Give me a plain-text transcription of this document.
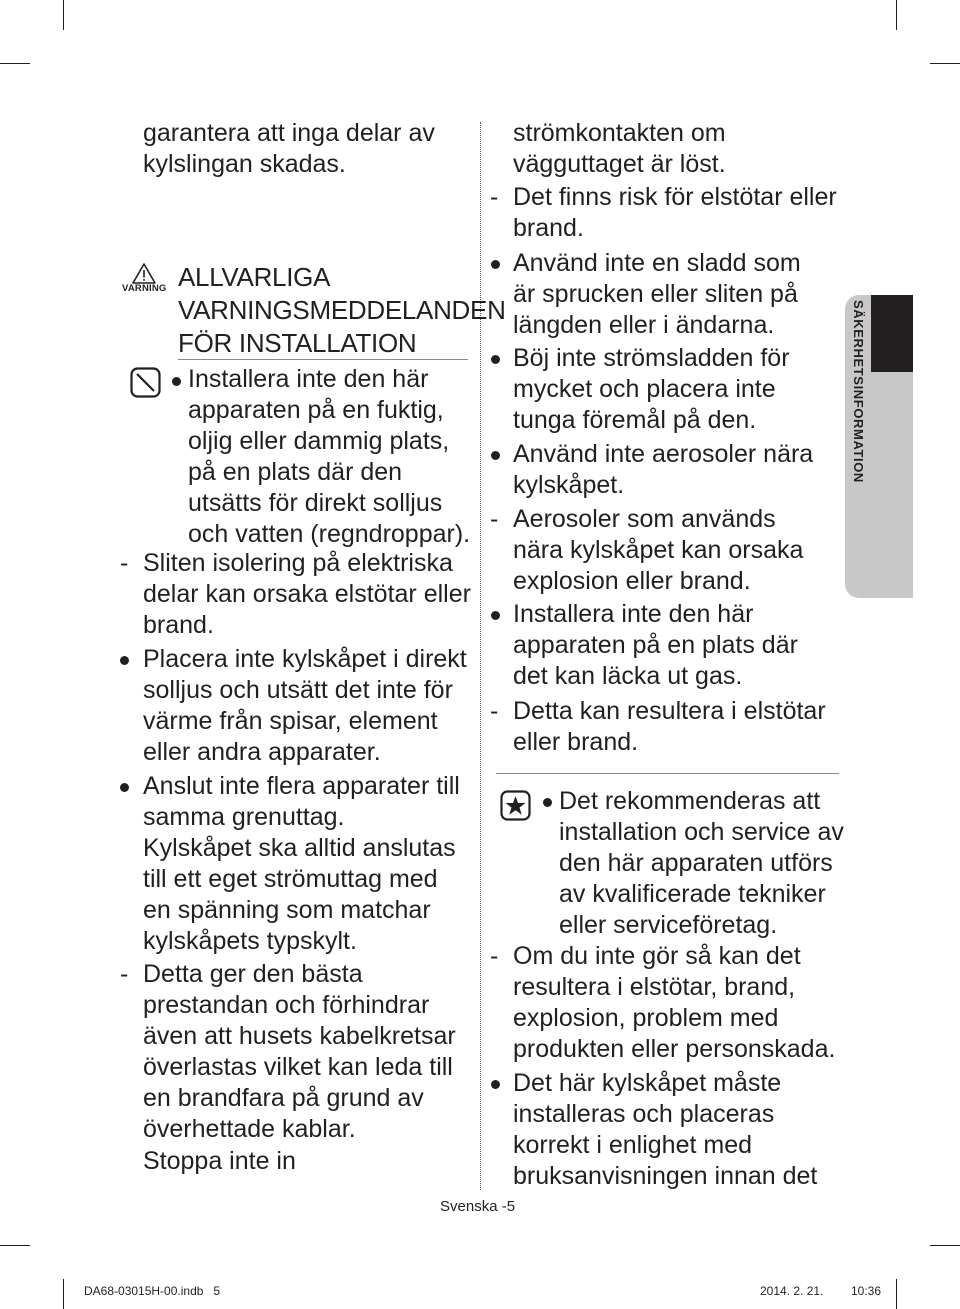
garantera att inga delar av
kylslingan skadas.
VARNING ALLVARLIGA
VARNINGSMEDDELANDEN
FÖR INSTALLATION
Installera inte den här
apparaten på en fuktig,
oljig eller dammig plats,
på en plats där den
utsätts för direkt solljus
och vatten (regndroppar).
- Sliten isolering på elektriska
delar kan orsaka elstötar eller
brand.
Placera inte kylskåpet i direkt
solljus och utsätt det inte för
värme från spisar, element
eller andra apparater.
Anslut inte flera apparater till
samma grenuttag.
Kylskåpet ska alltid anslutas
till ett eget strömuttag med
en spänning som matchar
kylskåpets typskylt.
- Detta ger den bästa
prestandan och förhindrar
även att husets kabelkretsar
överlastas vilket kan leda till
en brandfara på grund av
överhettade kablar.
Stoppa inte in
strömkontakten om
vägguttaget är löst.
- Det finns risk för elstötar eller
brand.
Använd inte en sladd som
är sprucken eller sliten på
längden eller i ändarna.
Böj inte strömsladden för
mycket och placera inte
tunga föremål på den.
Använd inte aerosoler nära
kylskåpet.
- Aerosoler som används
nära kylskåpet kan orsaka
explosion eller brand.
Installera inte den här
apparaten på en plats där
det kan läcka ut gas.
- Detta kan resultera i elstötar
eller brand.
Det rekommenderas att
installation och service av
den här apparaten utförs
av kvalificerade tekniker
eller serviceföretag.
- Om du inte gör så kan det
resultera i elstötar, brand,
explosion, problem med
produkten eller personskada.
Det här kylskåpet måste
installeras och placeras
korrekt i enlighet med
bruksanvisningen innan det
SÄKERHETSINFORMATION
Svenska -5
DA68-03015H-00.indb   5	2014. 2. 21. 10:36
